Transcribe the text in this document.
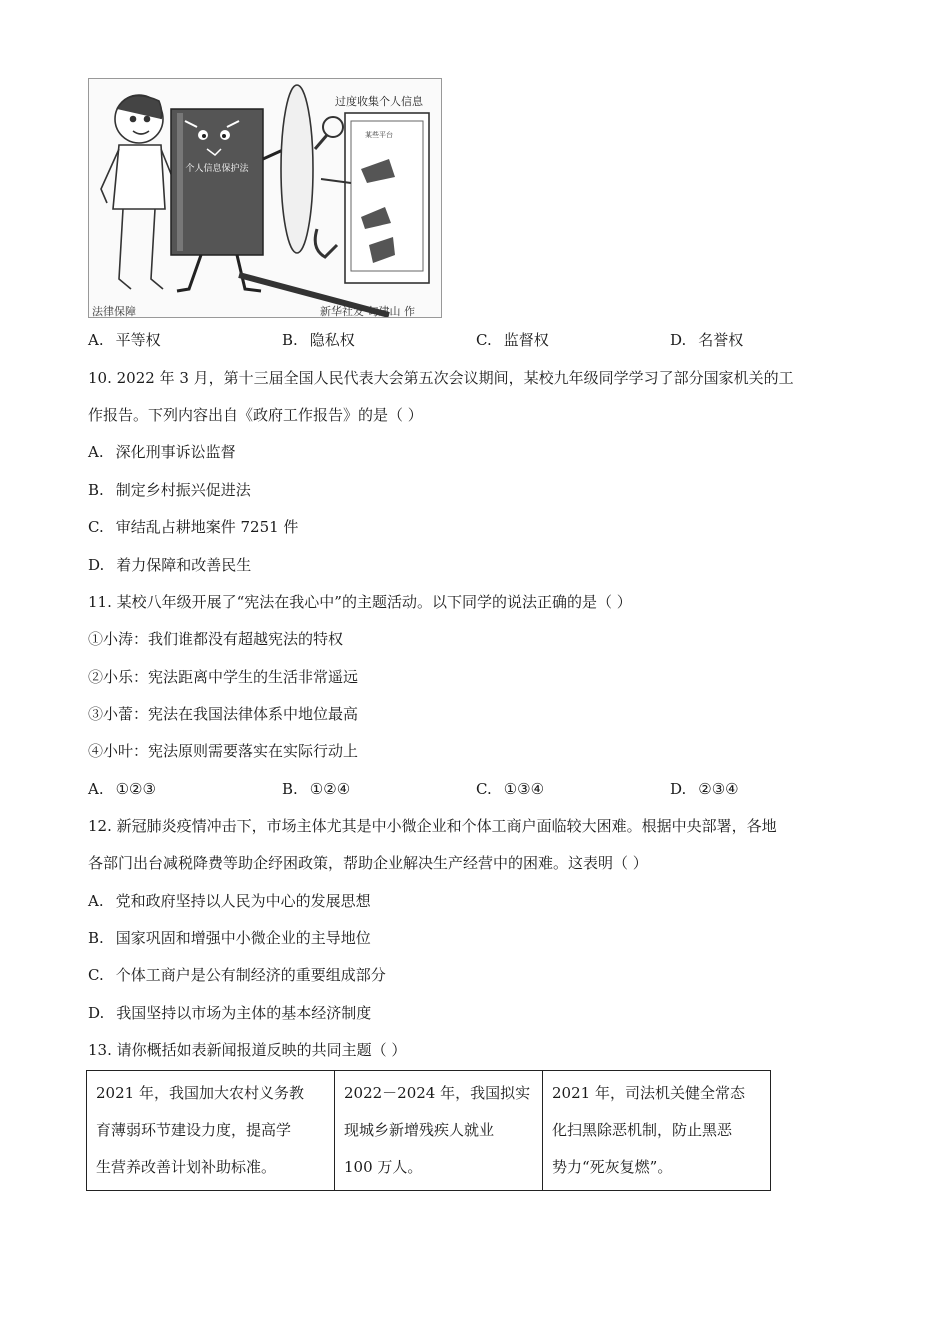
个人信息保护法
某些平台
过度收集个人信息
法律保障	新华社发 勾建山 作
A. 平等权	B. 隐私权	C. 监督权	D. 名誉权
10. 2022 年 3 月，第十三届全国人民代表大会第五次会议期间，某校九年级同学学习了部分国家机关的工
作报告。下列内容出自《政府工作报告》的是（ ）
A. 深化刑事诉讼监督
B. 制定乡村振兴促进法
C. 审结乱占耕地案件 7251 件
D. 着力保障和改善民生
11. 某校八年级开展了“宪法在我心中”的主题活动。以下同学的说法正确的是（ ）
①小涛：我们谁都没有超越宪法的特权
②小乐：宪法距离中学生的生活非常遥远
③小蕾：宪法在我国法律体系中地位最高
④小叶：宪法原则需要落实在实际行动上
A. ①②③	B. ①②④	C. ①③④	D. ②③④
12. 新冠肺炎疫情冲击下，市场主体尤其是中小微企业和个体工商户面临较大困难。根据中央部署，各地
各部门出台减税降费等助企纾困政策，帮助企业解决生产经营中的困难。这表明（ ）
A. 党和政府坚持以人民为中心的发展思想
B. 国家巩固和增强中小微企业的主导地位
C. 个体工商户是公有制经济的重要组成部分
D. 我国坚持以市场为主体的基本经济制度
13. 请你概括如表新闻报道反映的共同主题（ ）
2021 年，我国加大农村义务教
育薄弱环节建设力度，提高学
生营养改善计划补助标准。

2022－2024 年，我国拟实
现城乡新增残疾人就业
100 万人。

2021 年，司法机关健全常态
化扫黑除恶机制，防止黑恶
势力“死灰复燃”。
